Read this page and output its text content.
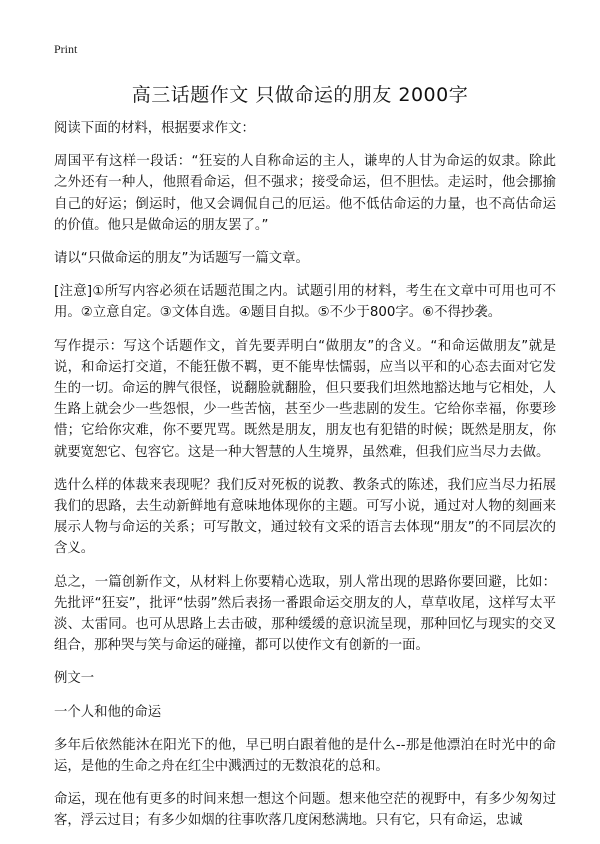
Print
高三话题作文 只做命运的朋友 2000字

阅读下面的材料，根据要求作文：

周国平有这样一段话：“狂妄的人自称命运的主人，谦卑的人甘为命运的奴隶。除此之外还有一种人，他照看命运，但不强求；接受命运，但不胆怯。走运时，他会挪揄自己的好运；倒运时，他又会调侃自己的厄运。他不低估命运的力量，也不高估命运的价值。他只是做命运的朋友罢了。”

请以“只做命运的朋友”为话题写一篇文章。

[注意]①所写内容必须在话题范围之内。试题引用的材料，考生在文章中可用也可不用。②立意自定。③文体自选。④题目自拟。⑤不少于800字。⑥不得抄袭。

写作提示：写这个话题作文，首先要弄明白“做朋友”的含义。“和命运做朋友”就是说，和命运打交道，不能狂傲不羁，更不能卑怯懦弱，应当以平和的心态去面对它发生的一切。命运的脾气很怪，说翻脸就翻脸，但只要我们坦然地豁达地与它相处，人生路上就会少一些怨恨，少一些苦恼，甚至少一些悲剧的发生。它给你幸福，你要珍惜；它给你灾难，你不要咒骂。既然是朋友，朋友也有犯错的时候；既然是朋友，你就要宽恕它、包容它。这是一种大智慧的人生境界，虽然难，但我们应当尽力去做。

选什么样的体裁来表现呢？我们反对死板的说教、教条式的陈述，我们应当尽力拓展我们的思路，去生动新鲜地有意味地体现你的主题。可写小说，通过对人物的刻画来展示人物与命运的关系；可写散文，通过较有文采的语言去体现“朋友”的不同层次的含义。

总之，一篇创新作文，从材料上你要精心选取，别人常出现的思路你要回避，比如：先批评“狂妄”，批评“怯弱”然后表扬一番跟命运交朋友的人，草草收尾，这样写太平淡、太雷同。也可从思路上去击破，那种缓缓的意识流呈现，那种回忆与现实的交叉组合，那种哭与笑与命运的碰撞，都可以使作文有创新的一面。

例文一

一个人和他的命运

多年后依然能沐在阳光下的他，早已明白跟着他的是什么--那是他漂泊在时光中的命运，是他的生命之舟在红尘中溅洒过的无数浪花的总和。

命运，现在他有更多的时间来想一想这个问题。想来他空茫的视野中，有多少匆匆过客，浮云过目；有多少如烟的往事吹落几度闲愁满地。只有它，只有命运，忠诚
